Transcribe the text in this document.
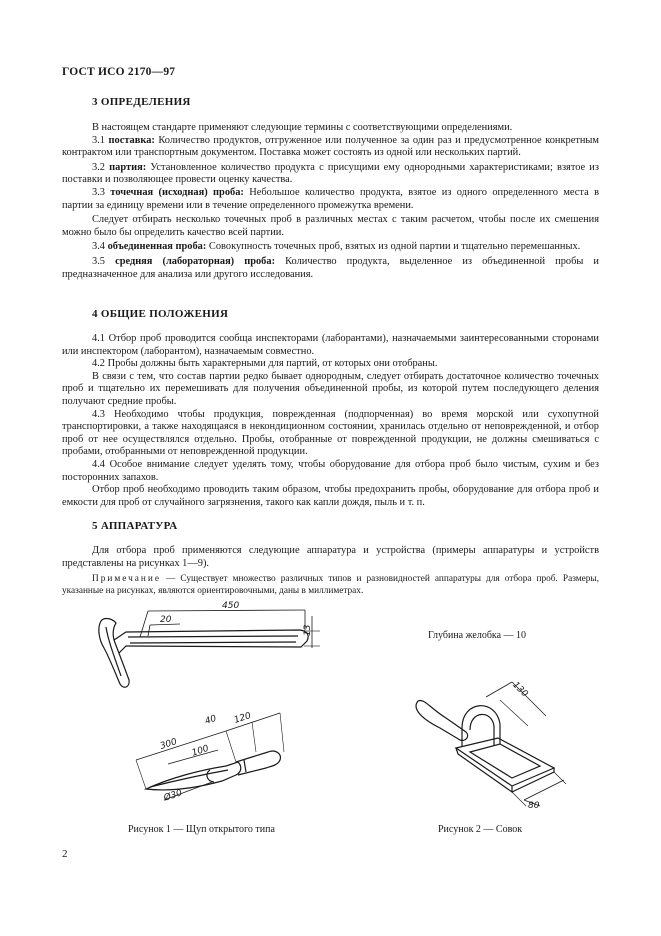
ГОСТ ИСО 2170—97
3 ОПРЕДЕЛЕНИЯ

В настоящем стандарте применяют следующие термины с соответствующими определениями.

3.1 поставка: Количество продуктов, отгруженное или полученное за один раз и предусмотренное конкретным контрактом или транспортным документом. Поставка может состоять из одной или нескольких партий.

3.2 партия: Установленное количество продукта с присущими ему однородными характеристиками; взятое из поставки и позволяющее провести оценку качества.

3.3 точечная (исходная) проба: Небольшое количество продукта, взятое из одного определенного места в партии за единицу времени или в течение определенного промежутка времени.

Следует отбирать несколько точечных проб в различных местах с таким расчетом, чтобы после их смешения можно было бы определить качество всей партии.

3.4 объединенная проба: Совокупность точечных проб, взятых из одной партии и тщательно перемешанных.

3.5 средняя (лабораторная) проба: Количество продукта, выделенное из объединенной пробы и предназначенное для анализа или другого исследования.

4 ОБЩИЕ ПОЛОЖЕНИЯ

4.1 Отбор проб проводится сообща инспекторами (лаборантами), назначаемыми заинтересованными сторонами или инспектором (лаборантом), назначаемым совместно.

4.2 Пробы должны быть характерными для партий, от которых они отобраны.

В связи с тем, что состав партии редко бывает однородным, следует отбирать достаточное количество точечных проб и тщательно их перемешивать для получения объединенной пробы, из которой путем последующего деления получают средние пробы.

4.3 Необходимо чтобы продукция, поврежденная (подпорченная) во время морской или сухопутной транспортировки, а также находящаяся в некондиционном состоянии, хранилась отдельно от неповрежденной, и отбор проб от нее осуществлялся отдельно. Пробы, отобранные от поврежденной продукции, не должны смешиваться с пробами, отобранными от неповрежденной продукции.

4.4 Особое внимание следует уделять тому, чтобы оборудование для отбора проб было чистым, сухим и без посторонних запахов.

Отбор проб необходимо проводить таким образом, чтобы предохранить пробы, оборудование для отбора проб и емкости для проб от случайного загрязнения, такого как капли дождя, пыль и т. п.

5 АППАРАТУРА

Для отбора проб применяются следующие аппаратура и устройства (примеры аппаратуры и устройств представлены на рисунках 1—9).

Примечание — Существует множество различных типов и разновидностей аппаратуры для отбора проб. Размеры, указанные на рисунках, являются ориентировочными, даны в миллиметрах.

450
20
13
300
40 120
100
Ø30
130
80
Глубина желобка — 10
Рисунок 1 — Щуп открытого типа	Рисунок 2 — Совок
2
